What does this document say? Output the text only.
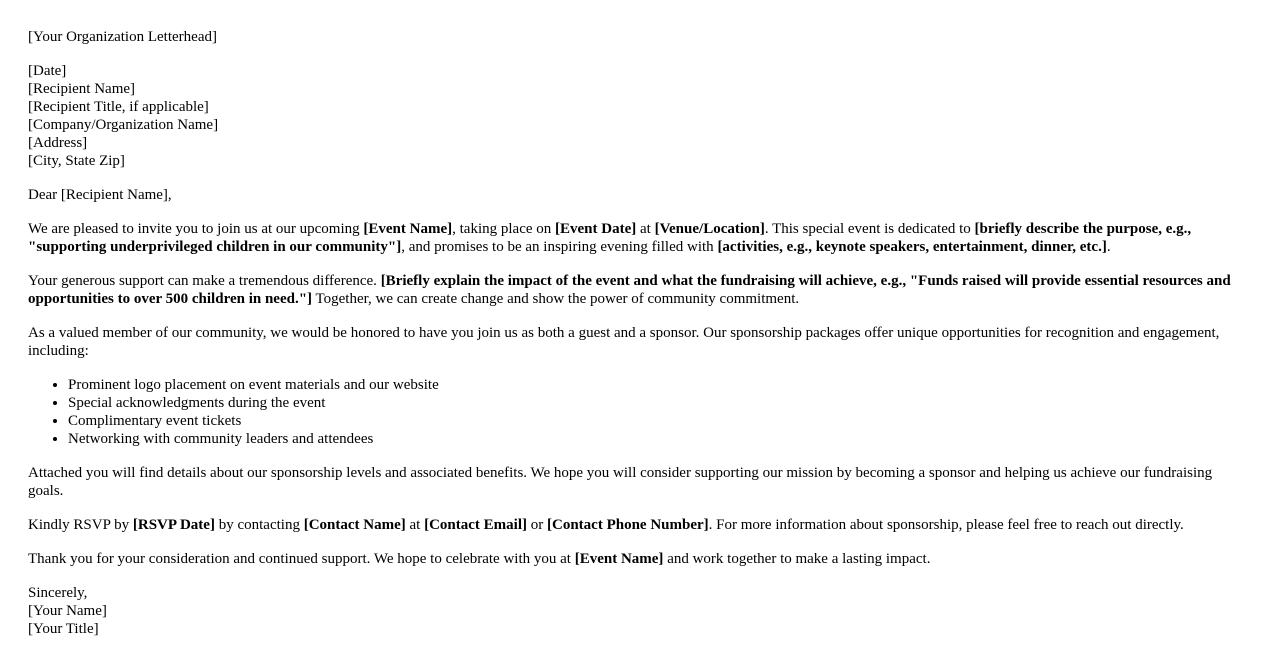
[Your Organization Letterhead]

[Date]
[Recipient Name]
[Recipient Title, if applicable]
[Company/Organization Name]
[Address]
[City, State Zip]

Dear [Recipient Name],

We are pleased to invite you to join us at our upcoming [Event Name], taking place on [Event Date] at [Venue/Location]. This special event is dedicated to [briefly describe the purpose, e.g., "supporting underprivileged children in our community"], and promises to be an inspiring evening filled with [activities, e.g., keynote speakers, entertainment, dinner, etc.].

Your generous support can make a tremendous difference. [Briefly explain the impact of the event and what the fundraising will achieve, e.g., "Funds raised will provide essential resources and opportunities to over 500 children in need."] Together, we can create change and show the power of community commitment.

As a valued member of our community, we would be honored to have you join us as both a guest and a sponsor. Our sponsorship packages offer unique opportunities for recognition and engagement, including:

• Prominent logo placement on event materials and our website
• Special acknowledgments during the event
• Complimentary event tickets
• Networking with community leaders and attendees

Attached you will find details about our sponsorship levels and associated benefits. We hope you will consider supporting our mission by becoming a sponsor and helping us achieve our fundraising goals.

Kindly RSVP by [RSVP Date] by contacting [Contact Name] at [Contact Email] or [Contact Phone Number]. For more information about sponsorship, please feel free to reach out directly.

Thank you for your consideration and continued support. We hope to celebrate with you at [Event Name] and work together to make a lasting impact.

Sincerely,
[Your Name]
[Your Title]
